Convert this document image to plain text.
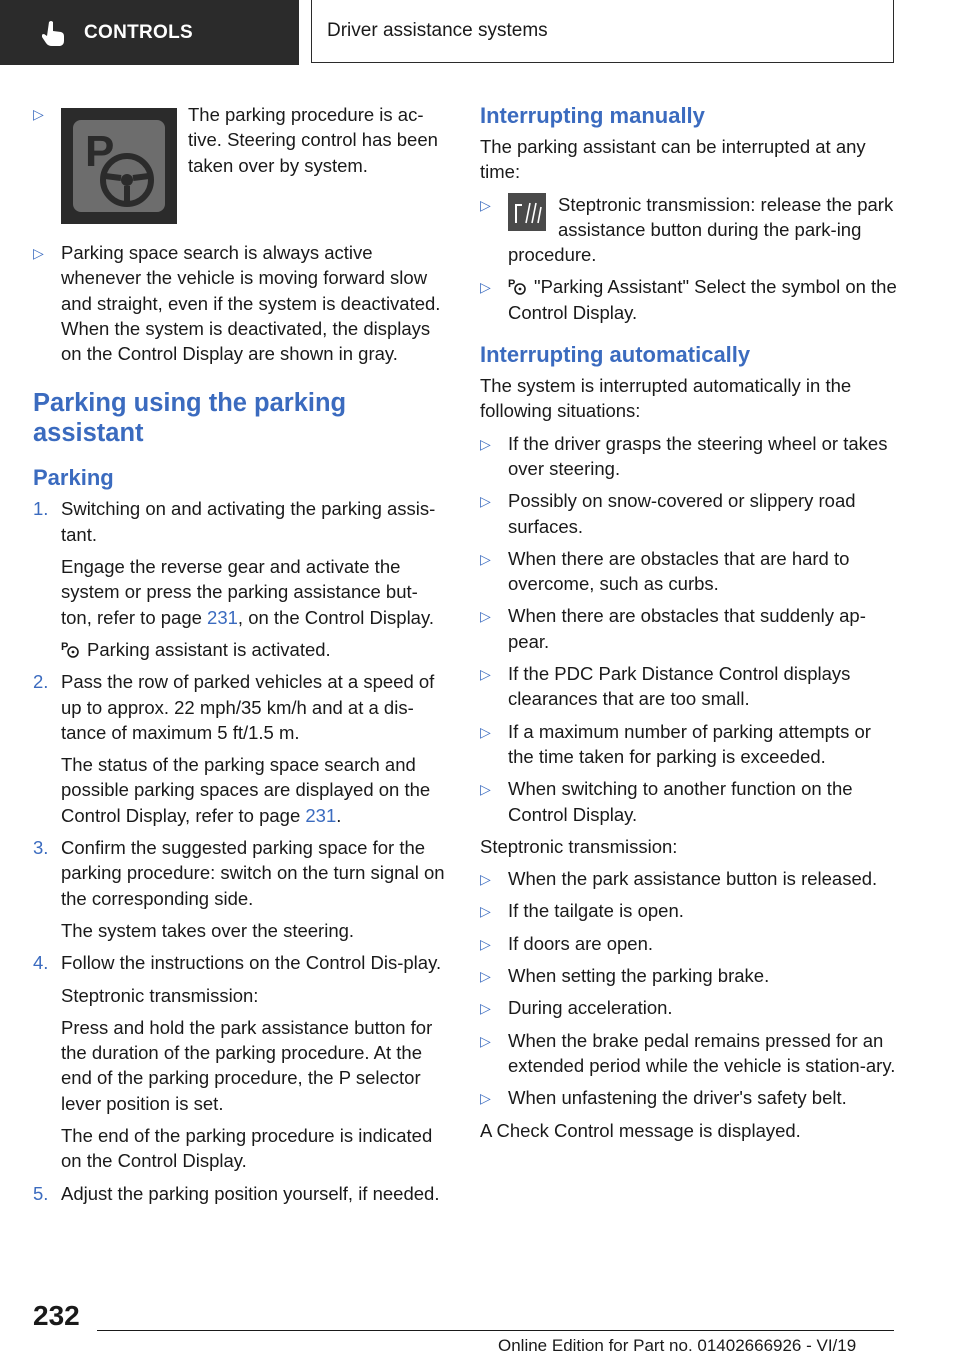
CONTROLS	Driver assistance systems
▷
P
The parking procedure is ac-tive. Steering control has been taken over by system.
▷ Parking space search is always active whenever the vehicle is moving forward slow and straight, even if the system is deactivated. When the system is deactivated, the displays on the Control Display are shown in gray.
Parking using the parking assistant
Parking
1. Switching on and activating the parking assis-tant.

Engage the reverse gear and activate the system or press the parking assistance but-ton, refer to page 231, on the Control Display.

P Parking assistant is activated.

2. Pass the row of parked vehicles at a speed of up to approx. 22 mph/35 km/h and at a dis-tance of maximum 5 ft/1.5 m.

The status of the parking space search and possible parking spaces are displayed on the Control Display, refer to page 231.

3. Confirm the suggested parking space for the parking procedure: switch on the turn signal on the corresponding side.

The system takes over the steering.

4. Follow the instructions on the Control Dis-play.

Steptronic transmission:

Press and hold the park assistance button for the duration of the parking procedure. At the end of the parking procedure, the P selector lever position is set.

The end of the parking procedure is indicated on the Control Display.

5. Adjust the parking position yourself, if needed.

Interrupting manually

The parking assistant can be interrupted at any time:

▷	Steptronic transmission: release the park assistance button during the park-ing procedure.
▷ P "Parking Assistant" Select the symbol on the Control Display.
Interrupting automatically

The system is interrupted automatically in the following situations:

▷ If the driver grasps the steering wheel or takes over steering.
▷ Possibly on snow-covered or slippery road surfaces.
▷ When there are obstacles that are hard to overcome, such as curbs.
▷ When there are obstacles that suddenly ap-pear.
▷ If the PDC Park Distance Control displays clearances that are too small.
▷ If a maximum number of parking attempts or the time taken for parking is exceeded.
▷ When switching to another function on the Control Display.

Steptronic transmission:

▷ When the park assistance button is released.
▷ If the tailgate is open.
▷ If doors are open.
▷ When setting the parking brake.
▷ During acceleration.
▷ When the brake pedal remains pressed for an extended period while the vehicle is station-ary.
▷ When unfastening the driver's safety belt.

A Check Control message is displayed.

232
Online Edition for Part no. 01402666926 - VI/19
